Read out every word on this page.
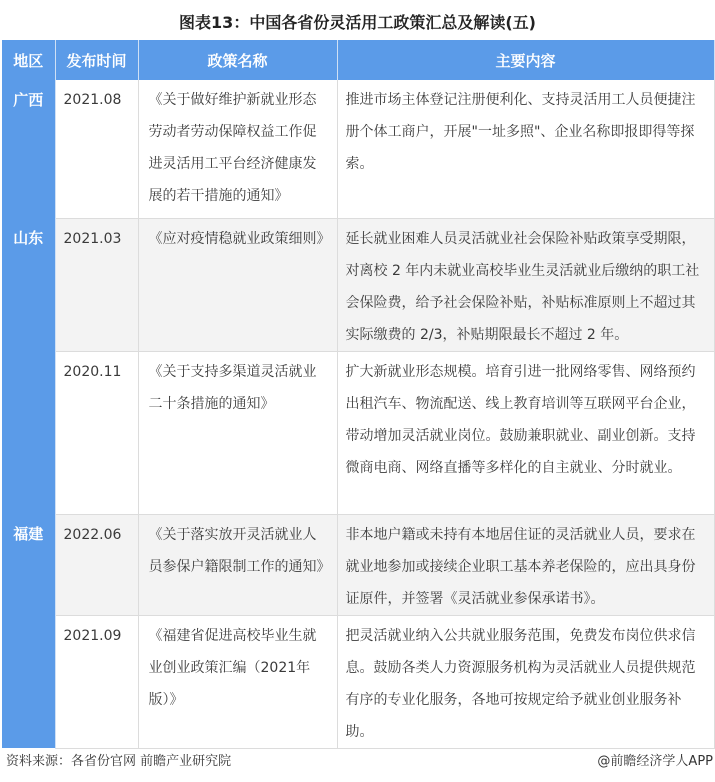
图表13：中国各省份灵活用工政策汇总及解读(五)
地区	发布时间	政策名称	主要内容
广西	2021.08	《关于做好维护新就业形态劳动者劳动保障权益工作促进灵活用工平台经济健康发展的若干措施的通知》	推进市场主体登记注册便利化、支持灵活用工人员便捷注册个体工商户，开展"一址多照"、企业名称即报即得等探索。
山东	2021.03	《应对疫情稳就业政策细则》	延长就业困难人员灵活就业社会保险补贴政策享受期限，对离校 2 年内未就业高校毕业生灵活就业后缴纳的职工社会保险费，给予社会保险补贴，补贴标准原则上不超过其实际缴费的 2/3，补贴期限最长不超过 2 年。
	2020.11	《关于支持多渠道灵活就业二十条措施的通知》	扩大新就业形态规模。培育引进一批网络零售、网络预约出租汽车、物流配送、线上教育培训等互联网平台企业，带动增加灵活就业岗位。鼓励兼职就业、副业创新。支持微商电商、网络直播等多样化的自主就业、分时就业。
福建	2022.06	《关于落实放开灵活就业人员参保户籍限制工作的通知》	非本地户籍或未持有本地居住证的灵活就业人员，要求在就业地参加或接续企业职工基本养老保险的，应出具身份证原件，并签署《灵活就业参保承诺书》。
	2021.09	《福建省促进高校毕业生就业创业政策汇编（2021年版）》	把灵活就业纳入公共就业服务范围，免费发布岗位供求信息。鼓励各类人力资源服务机构为灵活就业人员提供规范有序的专业化服务，各地可按规定给予就业创业服务补助。
资料来源：各省份官网 前瞻产业研究院	@前瞻经济学人APP
